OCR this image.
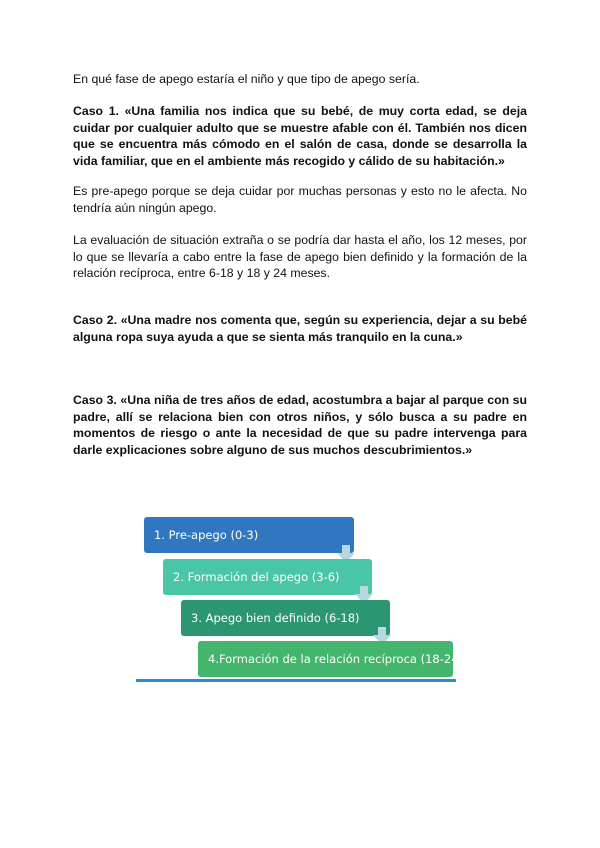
En qué fase de apego estaría el niño y que tipo de apego sería.

Caso 1. «Una familia nos indica que su bebé, de muy corta edad, se deja cuidar por cualquier adulto que se muestre afable con él. También nos dicen que se encuentra más cómodo en el salón de casa, donde se desarrolla la vida familiar, que en el ambiente más recogido y cálido de su habitación.»

Es pre-apego porque se deja cuidar por muchas personas y esto no le afecta. No tendría aún ningún apego.

La evaluación de situación extraña o se podría dar hasta el año, los 12 meses, por lo que se llevaría a cabo entre la fase de apego bien definido y la formación de la relación recíproca, entre 6-18 y 18 y 24 meses.

Caso 2. «Una madre nos comenta que, según su experiencia, dejar a su bebé alguna ropa suya ayuda a que se sienta más tranquilo en la cuna.»

Caso 3. «Una niña de tres años de edad, acostumbra a bajar al parque con su padre, allí se relaciona bien con otros niños, y sólo busca a su padre en momentos de riesgo o ante la necesidad de que su padre intervenga para darle explicaciones sobre alguno de sus muchos descubrimientos.»

1. Pre-apego (0-3)
2. Formación del apego (3-6)
3. Apego bien definido (6-18)
4.Formación de la relación recíproca (18-24)
